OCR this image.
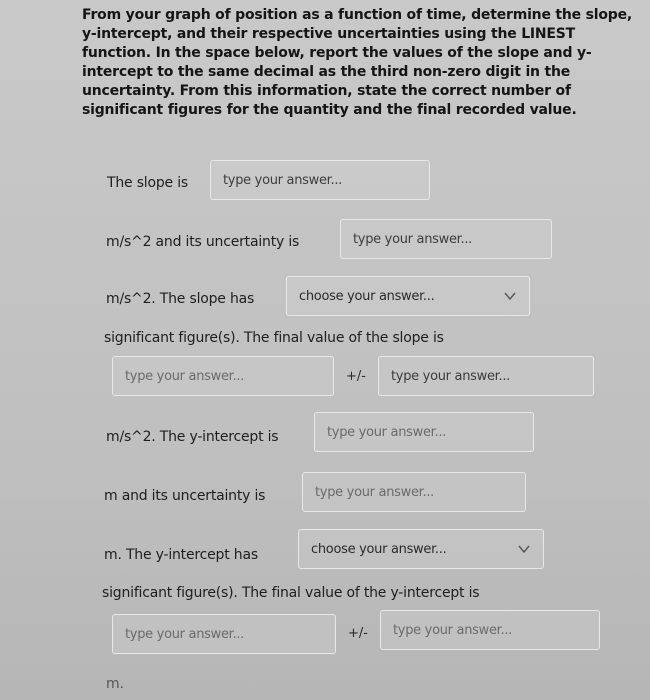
From your graph of position as a function of time, determine the slope, y-intercept, and their respective uncertainties using the LINEST function. In the space below, report the values of the slope and y-intercept to the same decimal as the third non-zero digit in the uncertainty. From this information, state the correct number of significant figures for the quantity and the final recorded value.

The slope is
type your answer...
m/s^2 and its uncertainty is
type your answer...
m/s^2. The slope has	choose your answer...
significant figure(s). The final value of the slope is
type your answer...
+/-
type your answer...
m/s^2. The y-intercept is
type your answer...
m and its uncertainty is
type your answer...
m. The y-intercept has	choose your answer...
significant figure(s). The final value of the y-intercept is
type your answer...
+/-
type your answer...
m.
